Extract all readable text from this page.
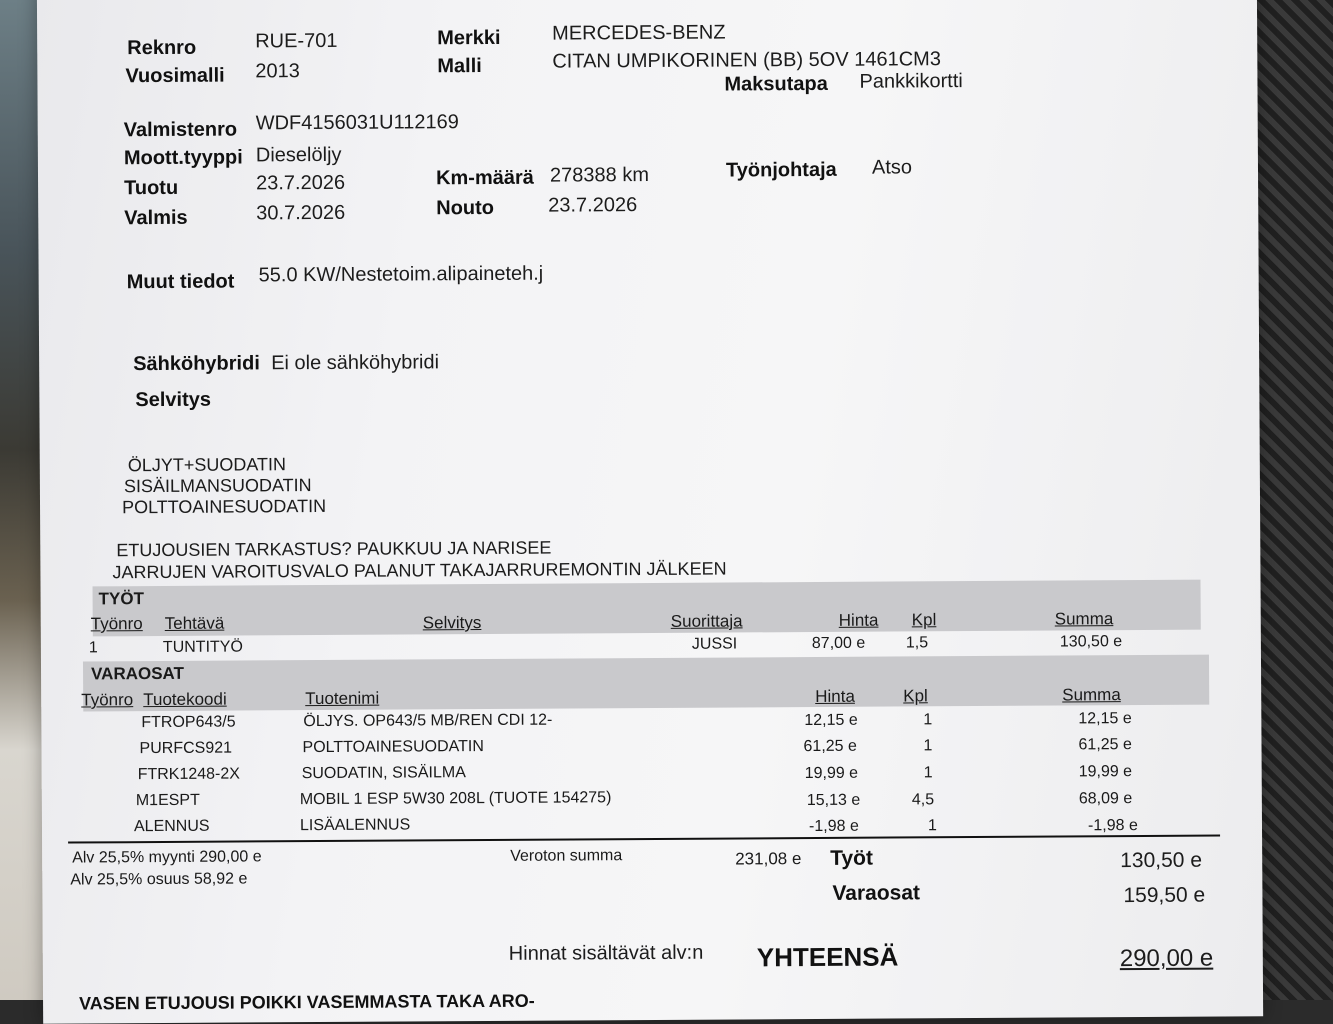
Reknro	RUE-701
Vuosimalli 2013
Merkki	MERCEDES-BENZ
Malli	CITAN UMPIKORINEN (BB) 5OV 1461CM3
Maksutapa Pankkikortti
Valmistenro WDF4156031U112169
Moott.tyyppi Dieselöljy
Tuotu	23.7.2026
Valmis	30.7.2026
Km-määrä 278388 km
Nouto	23.7.2026
Työnjohtaja Atso
Muut tiedot 55.0 KW/Nestetoim.alipaineteh.j
Sähköhybridi Ei ole sähköhybridi
Selvitys
ÖLJYT+SUODATIN
SISÄILMANSUODATIN
POLTTOAINESUODATIN
ETUJOUSIEN TARKASTUS? PAUKKUU JA NARISEE
JARRUJEN VAROITUSVALO PALANUT TAKAJARRUREMONTIN JÄLKEEN
TYÖT
Työnro Tehtävä	Selvitys	Suorittaja	Hinta Kpl	Summa
1	TUNTITYÖ	JUSSI	87,00 e	1,5	130,50 e
VARAOSAT
Työnro Tuotekoodi	Tuotenimi	Hinta	Kpl	Summa
FTROP643/5	ÖLJYS. OP643/5 MB/REN CDI 12-	12,15 e	1	12,15 e
PURFCS921	POLTTOAINESUODATIN	61,25 e	1	61,25 e
FTRK1248-2X	SUODATIN, SISÄILMA	19,99 e	1	19,99 e
M1ESPT	MOBIL 1 ESP 5W30 208L (TUOTE 154275)	15,13 e	4,5	68,09 e
ALENNUS	LISÄALENNUS	-1,98 e	1	-1,98 e
Alv 25,5% myynti 290,00 e
Alv 25,5% osuus 58,92 e
Veroton summa	231,08 e Työt	130,50 e
Varaosat	159,50 e
Hinnat sisältävät alv:n YHTEENSÄ	290,00 e
VASEN ETUJOUSI POIKKI VASEMMASTA TAKA ARO-
